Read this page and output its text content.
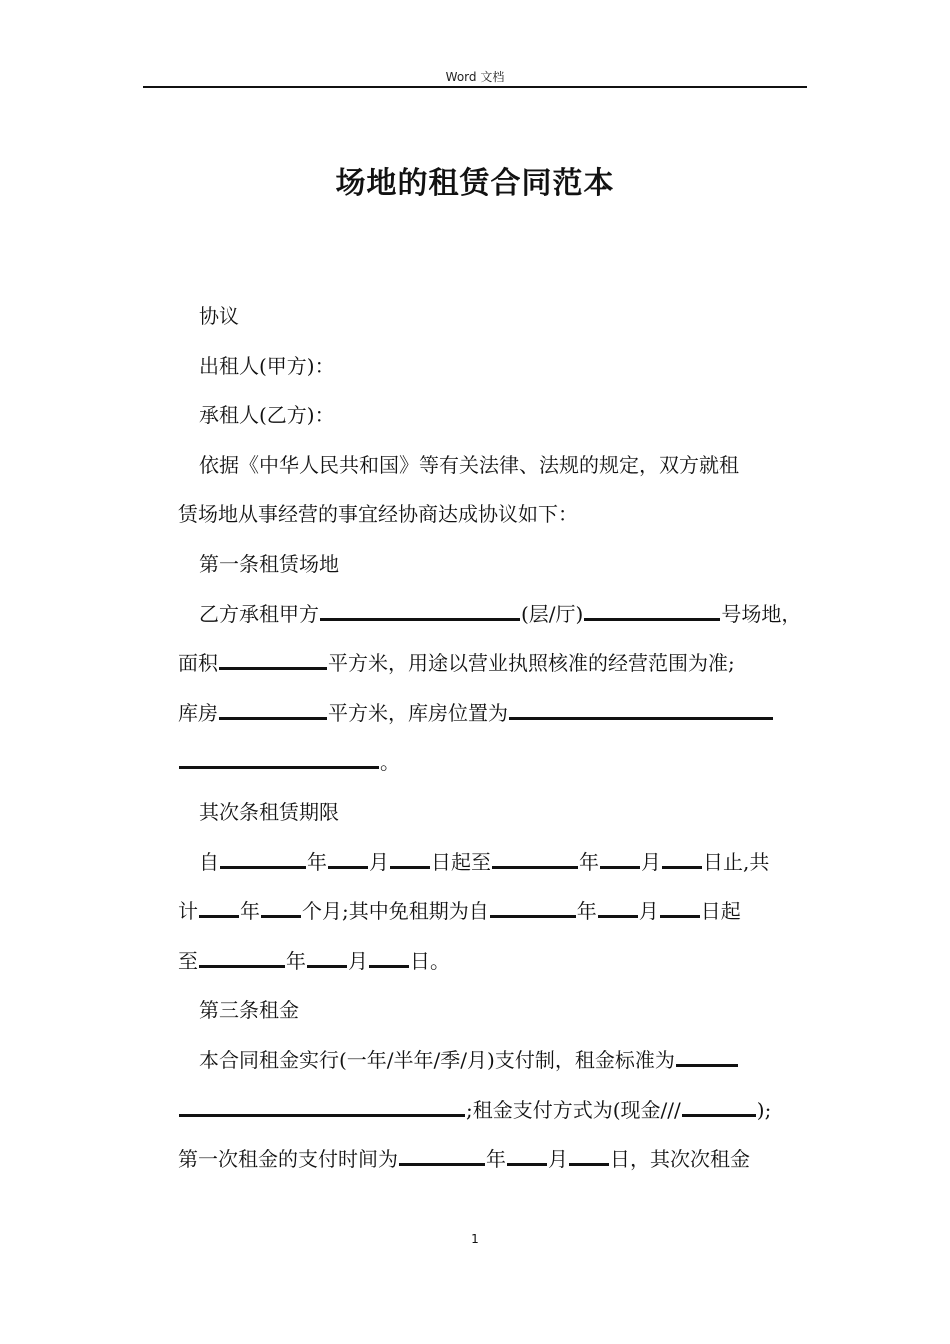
Word 文档
场地的租赁合同范本
协议
出租人(甲方)：
承租人(乙方)：
依据《中华人民共和国》等有关法律、法规的规定，双方就租
赁场地从事经营的事宜经协商达成协议如下：
第一条租赁场地
乙方承租甲方	(层/厅)	号场地，
面积	平方米，用途以营业执照核准的经营范围为准;
库房	平方米，库房位置为
。
其次条租赁期限
自	年 月 日起至	年 月 日止,共
计 年 个月;其中免租期为自	年 月 日起
至	年 月 日。
第三条租金
本合同租金实行(一年/半年/季/月)支付制，租金标准为
;租金支付方式为(现金///	);
第一次租金的支付时间为	年 月 日，其次次租金
1
